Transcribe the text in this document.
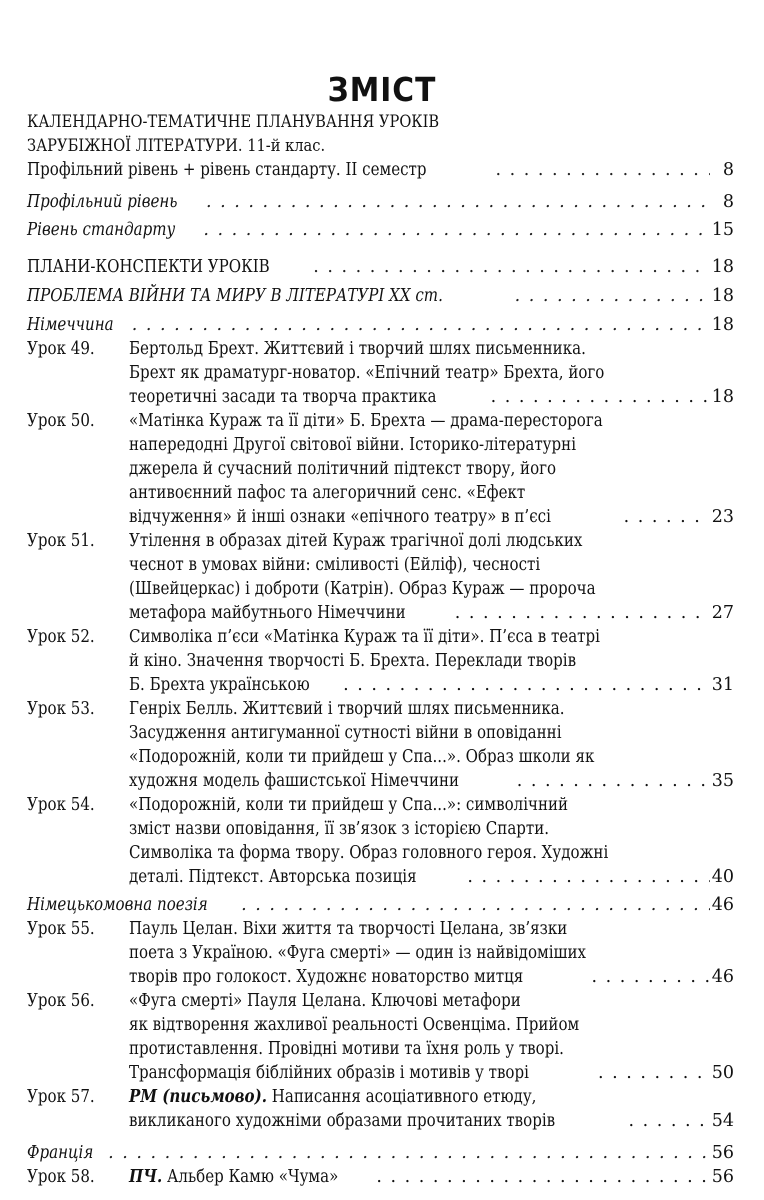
ЗМІСТ
КАЛЕНДАРНО-ТЕМАТИЧНЕ ПЛАНУВАННЯ УРОКІВ
ЗАРУБІЖНОЇ ЛІТЕРАТУРИ. 11-й клас.
Профільний рівень + рівень стандарту. II семестр . . .	8
Профільний рівень . . .	8
Рівень стандарту . . .	15
ПЛАНИ-КОНСПЕКТИ УРОКІВ . . .	18
ПРОБЛЕМА ВІЙНИ ТА МИРУ В ЛІТЕРАТУРІ XX ст. . . .	18
Німеччина . . .	18
Урок 49. Бертольд Брехт. Життєвий і творчий шлях письменника.
Брехт як драматург-новатор. «Епічний театр» Брехта, його
теоретичні засади та творча практика . . .	18
Урок 50. «Матінка Кураж та її діти» Б. Брехта — драма-пересторога
напередодні Другої світової війни. Історико-літературні
джерела й сучасний політичний підтекст твору, його
антивоєнний пафос та алегоричний сенс. «Ефект
відчуження» й інші ознаки «епічного театру» в п’єсі . . .	23
Урок 51. Утілення в образах дітей Кураж трагічної долі людських
чеснот в умовах війни: сміливості (Ейліф), чесності
(Швейцеркас) і доброти (Катрін). Образ Кураж — пророча
метафора майбутнього Німеччини . . .	27
Урок 52. Символіка п’єси «Матінка Кураж та її діти». П’єса в театрі
й кіно. Значення творчості Б. Брехта. Переклади творів
Б. Брехта українською . . .	31
Урок 53. Генріх Белль. Життєвий і творчий шлях письменника.
Засудження антигуманної сутності війни в оповіданні
«Подорожній, коли ти прийдеш у Спа...». Образ школи як
художня модель фашистської Німеччини . . .	35
Урок 54. «Подорожній, коли ти прийдеш у Спа...»: символічний
зміст назви оповідання, її зв’язок з історією Спарти.
Символіка та форма твору. Образ головного героя. Художні
деталі. Підтекст. Авторська позиція . . .	40
Німецькомовна поезія . . .	46
Урок 55. Пауль Целан. Віхи життя та творчості Целана, зв’язки
поета з Україною. «Фуга смерті» — один із найвідоміших
творів про голокост. Художнє новаторство митця . . .	46
Урок 56. «Фуга смерті» Пауля Целана. Ключові метафори
як відтворення жахливої реальності Освенціма. Прийом
протиставлення. Провідні мотиви та їхня роль у творі.
Трансформація біблійних образів і мотивів у творі . . .	50
Урок 57. РМ (письмово). Написання асоціативного етюду,
викликаного художніми образами прочитаних творів . . .	54
Франція . . .	56
Урок 58. ПЧ. Альбер Камю «Чума» . . .	56
